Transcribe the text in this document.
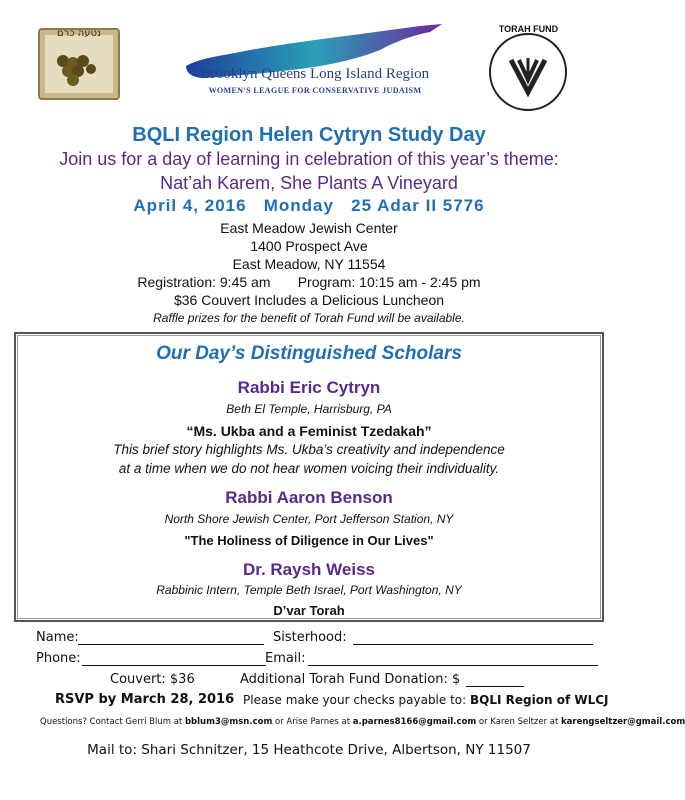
נטעה כרם
Brooklyn Queens Long Island Region
WOMEN'S LEAGUE FOR CONSERVATIVE JUDAISM
TORAH FUND
BQLI Region Helen Cytryn Study Day
Join us for a day of learning in celebration of this year’s theme:
Nat’ah Karem, She Plants A Vineyard
April 4, 2016   Monday   25 Adar II 5776
East Meadow Jewish Center
1400 Prospect Ave
East Meadow, NY 11554
Registration: 9:45 am       Program: 10:15 am - 2:45 pm
$36 Couvert Includes a Delicious Luncheon
Raffle prizes for the benefit of Torah Fund will be available.
Our Day’s Distinguished Scholars
Rabbi Eric Cytryn
Beth El Temple, Harrisburg, PA
“Ms. Ukba and a Feminist Tzedakah”
This brief story highlights Ms. Ukba’s creativity and independence
at a time when we do not hear women voicing their individuality.
Rabbi Aaron Benson
North Shore Jewish Center, Port Jefferson Station, NY
"The Holiness of Diligence in Our Lives"
Dr. Raysh Weiss
Rabbinic Intern, Temple Beth Israel, Port Washington, NY
D’var Torah
Name:	Sisterhood:
Phone:	Email:
Couvert: $36	Additional Torah Fund Donation: $
RSVP by March 28, 2016 Please make your checks payable to: BQLI Region of WLCJ
Questions? Contact Gerri Blum at bblum3@msn.com or Arise Parnes at a.parnes8166@gmail.com or Karen Seltzer at karengseltzer@gmail.com
Mail to: Shari Schnitzer, 15 Heathcote Drive, Albertson, NY 11507
